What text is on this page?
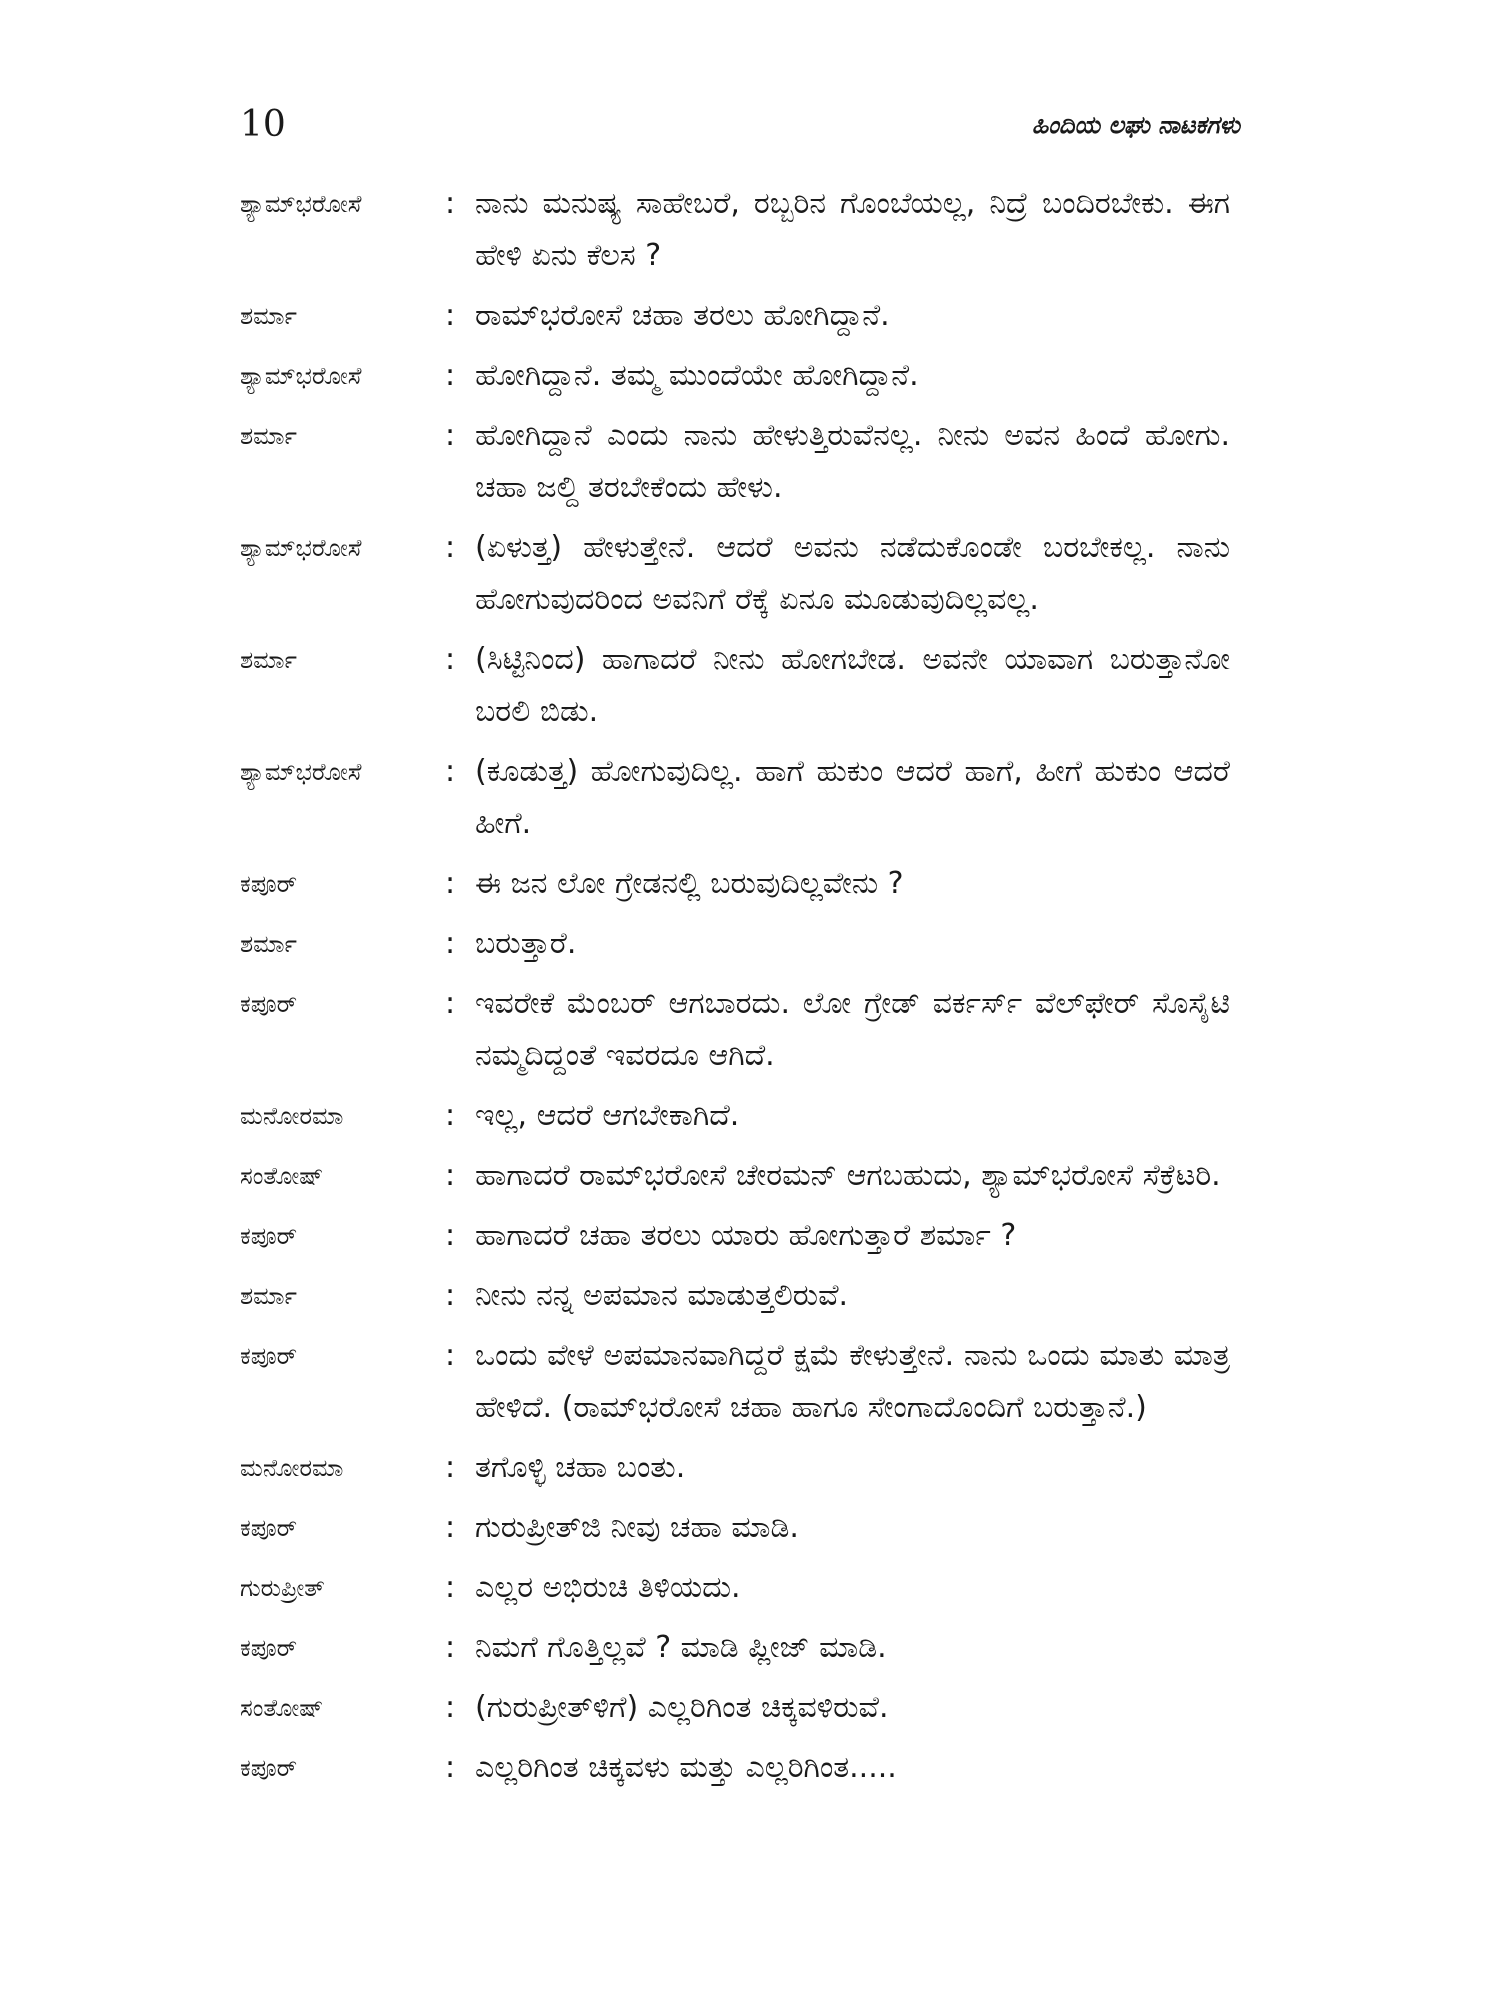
10	ಹಿಂದಿಯ ಲಘು ನಾಟಕಗಳು
ಶ್ಯಾಮ್‌ಭರೋಸೆ	: ನಾನು ಮನುಷ್ಯ ಸಾಹೇಬರೆ, ರಬ್ಬರಿನ ಗೊಂಬೆಯಲ್ಲ, ನಿದ್ರೆ ಬಂದಿರಬೇಕು. ಈಗ ಹೇಳಿ ಏನು ಕೆಲಸ ?
ಶರ್ಮಾ	: ರಾಮ್‌ಭರೋಸೆ ಚಹಾ ತರಲು ಹೋಗಿದ್ದಾನೆ.
ಶ್ಯಾಮ್‌ಭರೋಸೆ	: ಹೋಗಿದ್ದಾನೆ. ತಮ್ಮ ಮುಂದೆಯೇ ಹೋಗಿದ್ದಾನೆ.
ಶರ್ಮಾ	: ಹೋಗಿದ್ದಾನೆ ಎಂದು ನಾನು ಹೇಳುತ್ತಿರುವೆನಲ್ಲ. ನೀನು ಅವನ ಹಿಂದೆ ಹೋಗು. ಚಹಾ ಜಲ್ದಿ ತರಬೇಕೆಂದು ಹೇಳು.
ಶ್ಯಾಮ್‌ಭರೋಸೆ	: (ಏಳುತ್ತ) ಹೇಳುತ್ತೇನೆ. ಆದರೆ ಅವನು ನಡೆದುಕೊಂಡೇ ಬರಬೇಕಲ್ಲ. ನಾನು ಹೋಗುವುದರಿಂದ ಅವನಿಗೆ ರೆಕ್ಕೆ ಏನೂ ಮೂಡುವುದಿಲ್ಲವಲ್ಲ.
ಶರ್ಮಾ	: (ಸಿಟ್ಟಿನಿಂದ) ಹಾಗಾದರೆ ನೀನು ಹೋಗಬೇಡ. ಅವನೇ ಯಾವಾಗ ಬರುತ್ತಾನೋ ಬರಲಿ ಬಿಡು.
ಶ್ಯಾಮ್‌ಭರೋಸೆ	: (ಕೂಡುತ್ತ) ಹೋಗುವುದಿಲ್ಲ. ಹಾಗೆ ಹುಕುಂ ಆದರೆ ಹಾಗೆ, ಹೀಗೆ ಹುಕುಂ ಆದರೆ ಹೀಗೆ.
ಕಪೂರ್	: ಈ ಜನ ಲೋ ಗ್ರೇಡನಲ್ಲಿ ಬರುವುದಿಲ್ಲವೇನು ?
ಶರ್ಮಾ	: ಬರುತ್ತಾರೆ.
ಕಪೂರ್	: ಇವರೇಕೆ ಮೆಂಬರ್ ಆಗಬಾರದು. ಲೋ ಗ್ರೇಡ್ ವರ್ಕರ್ಸ್ ವೆಲ್‌ಫೇರ್ ಸೊಸೈಟಿ ನಮ್ಮದಿದ್ದಂತೆ ಇವರದೂ ಆಗಿದೆ.
ಮನೋರಮಾ	: ಇಲ್ಲ, ಆದರೆ ಆಗಬೇಕಾಗಿದೆ.
ಸಂತೋಷ್	: ಹಾಗಾದರೆ ರಾಮ್‌ಭರೋಸೆ ಚೇರಮನ್ ಆಗಬಹುದು, ಶ್ಯಾಮ್‌ಭರೋಸೆ ಸೆಕ್ರೆಟರಿ.
ಕಪೂರ್	: ಹಾಗಾದರೆ ಚಹಾ ತರಲು ಯಾರು ಹೋಗುತ್ತಾರೆ ಶರ್ಮಾ ?
ಶರ್ಮಾ	: ನೀನು ನನ್ನ ಅಪಮಾನ ಮಾಡುತ್ತಲಿರುವೆ.
ಕಪೂರ್	: ಒಂದು ವೇಳೆ ಅಪಮಾನವಾಗಿದ್ದರೆ ಕ್ಷಮೆ ಕೇಳುತ್ತೇನೆ. ನಾನು ಒಂದು ಮಾತು ಮಾತ್ರ ಹೇಳಿದೆ. (ರಾಮ್‌ಭರೋಸೆ ಚಹಾ ಹಾಗೂ ಸೇಂಗಾದೊಂದಿಗೆ ಬರುತ್ತಾನೆ.)
ಮನೋರಮಾ	: ತಗೊಳ್ಳಿ ಚಹಾ ಬಂತು.
ಕಪೂರ್	: ಗುರುಪ್ರೀತ್‌ಜಿ ನೀವು ಚಹಾ ಮಾಡಿ.
ಗುರುಪ್ರೀತ್	: ಎಲ್ಲರ ಅಭಿರುಚಿ ತಿಳಿಯದು.
ಕಪೂರ್	: ನಿಮಗೆ ಗೊತ್ತಿಲ್ಲವೆ ? ಮಾಡಿ ಪ್ಲೀಜ್ ಮಾಡಿ.
ಸಂತೋಷ್	: (ಗುರುಪ್ರೀತ್‌ಳಿಗೆ) ಎಲ್ಲರಿಗಿಂತ ಚಿಕ್ಕವಳಿರುವೆ.
ಕಪೂರ್	: ಎಲ್ಲರಿಗಿಂತ ಚಿಕ್ಕವಳು ಮತ್ತು ಎಲ್ಲರಿಗಿಂತ.....
